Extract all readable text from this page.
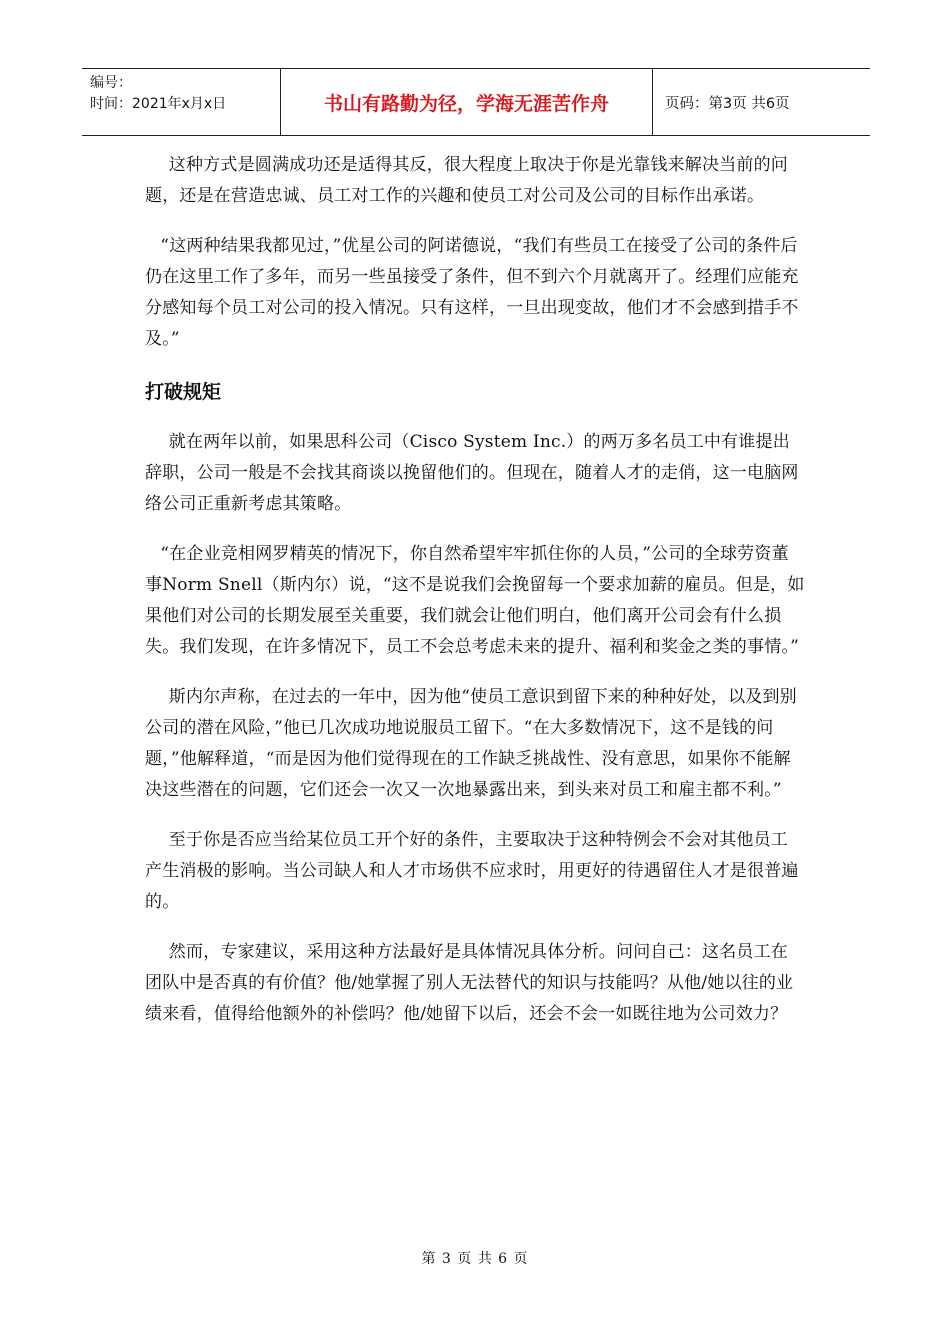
编号：
时间：2021年x月x日	书山有路勤为径，学海无涯苦作舟	页码：第3页 共6页

这种方式是圆满成功还是适得其反，很大程度上取决于你是光靠钱来解决当前的问题，还是在营造忠诚、员工对工作的兴趣和使员工对公司及公司的目标作出承诺。

“这两种结果我都见过，”优星公司的阿诺德说，“我们有些员工在接受了公司的条件后仍在这里工作了多年，而另一些虽接受了条件，但不到六个月就离开了。经理们应能充分感知每个员工对公司的投入情况。只有这样，一旦出现变故，他们才不会感到措手不及。”

打破规矩

就在两年以前，如果思科公司（Cisco System Inc.）的两万多名员工中有谁提出辞职，公司一般是不会找其商谈以挽留他们的。但现在，随着人才的走俏，这一电脑网络公司正重新考虑其策略。

“在企业竞相网罗精英的情况下，你自然希望牢牢抓住你的人员，”公司的全球劳资董事Norm Snell（斯内尔）说，“这不是说我们会挽留每一个要求加薪的雇员。但是，如果他们对公司的长期发展至关重要，我们就会让他们明白，他们离开公司会有什么损失。我们发现，在许多情况下，员工不会总考虑未来的提升、福利和奖金之类的事情。”

斯内尔声称，在过去的一年中，因为他“使员工意识到留下来的种种好处，以及到别公司的潜在风险，”他已几次成功地说服员工留下。“在大多数情况下，这不是钱的问题，”他解释道，“而是因为他们觉得现在的工作缺乏挑战性、没有意思，如果你不能解决这些潜在的问题，它们还会一次又一次地暴露出来，到头来对员工和雇主都不利。”

至于你是否应当给某位员工开个好的条件，主要取决于这种特例会不会对其他员工产生消极的影响。当公司缺人和人才市场供不应求时，用更好的待遇留住人才是很普遍的。

然而，专家建议，采用这种方法最好是具体情况具体分析。问问自己：这名员工在团队中是否真的有价值？他/她掌握了别人无法替代的知识与技能吗？从他/她以往的业绩来看，值得给他额外的补偿吗？他/她留下以后，还会不会一如既往地为公司效力？

第 3 页 共 6 页
